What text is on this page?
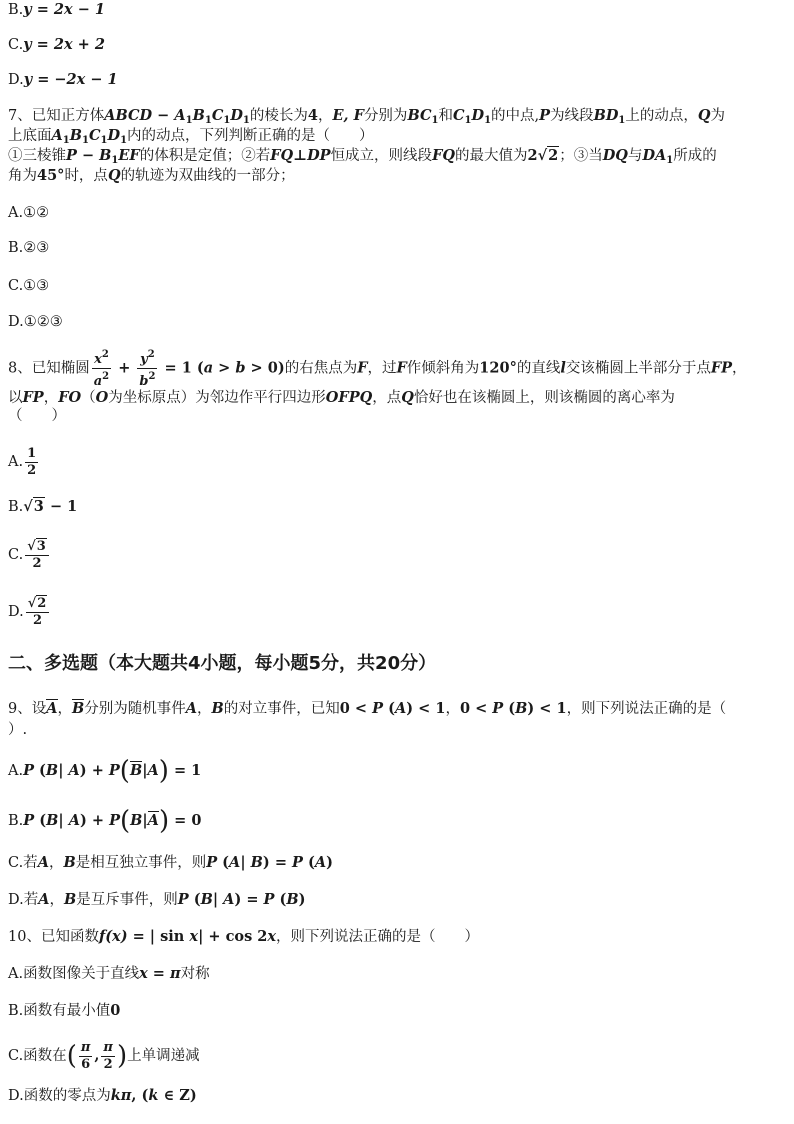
B.y = 2x − 1
C.y = 2x + 2
D.y = −2x − 1
7、已知正方体ABCD − $A_1B_1C_1D_1$的棱长为4，E, F分别为$BC_1$和$C_1D_1$的中点,P为线段$BD_1$上的动点，Q为
上底面$A_1B_1C_1D_1$内的动点，下列判断正确的是（　　）
①三棱锥$P - B_1EF$的体积是定值；②若FQ⊥DP恒成立，则线段FQ的最大值为2√2；③当DQ与$DA_1$所成的
角为45°时，点Q的轨迹为双曲线的一部分；
A.①②
B.②③
C.①③
D.①②③
8、已知椭圆 $\frac{x^2}{a^2} + \frac{y^2}{b^2} = 1$ (a > b > 0)的右焦点为F，过F作倾斜角为120°的直线l交该椭圆上半部分于点FP，
以FP，FO（O为坐标原点）为邻边作平行四边形OFPQ，点Q恰好也在该椭圆上，则该椭圆的离心率为
（　　）
A. $\frac{1}{2}$
B.√3 − 1
C. $\frac{√3}{2}$
D. $\frac{√2}{2}$
二、多选题（本大题共4小题，每小题5分，共20分）
9、设A，B分别为随机事件A，B的对立事件，已知0 < P (A) < 1，0 < P (B) < 1，则下列说法正确的是（
）.
A.P (B| A) + P(B|A) = 1
B.P (B| A) + P(B|A) = 0
C.若A，B是相互独立事件，则P (A| B) = P (A)
D.若A，B是互斥事件，则P (B| A) = P (B)
10、已知函数f(x) = | sin x| + cos 2x，则下列说法正确的是（　　）
A.函数图像关于直线x = π对称
B.函数有最小值0
C.函数在( $\frac{\pi}{6}$ , $\frac{\pi}{2}$ )上单调递减
D.函数的零点为kπ, (k ∈ Z)
